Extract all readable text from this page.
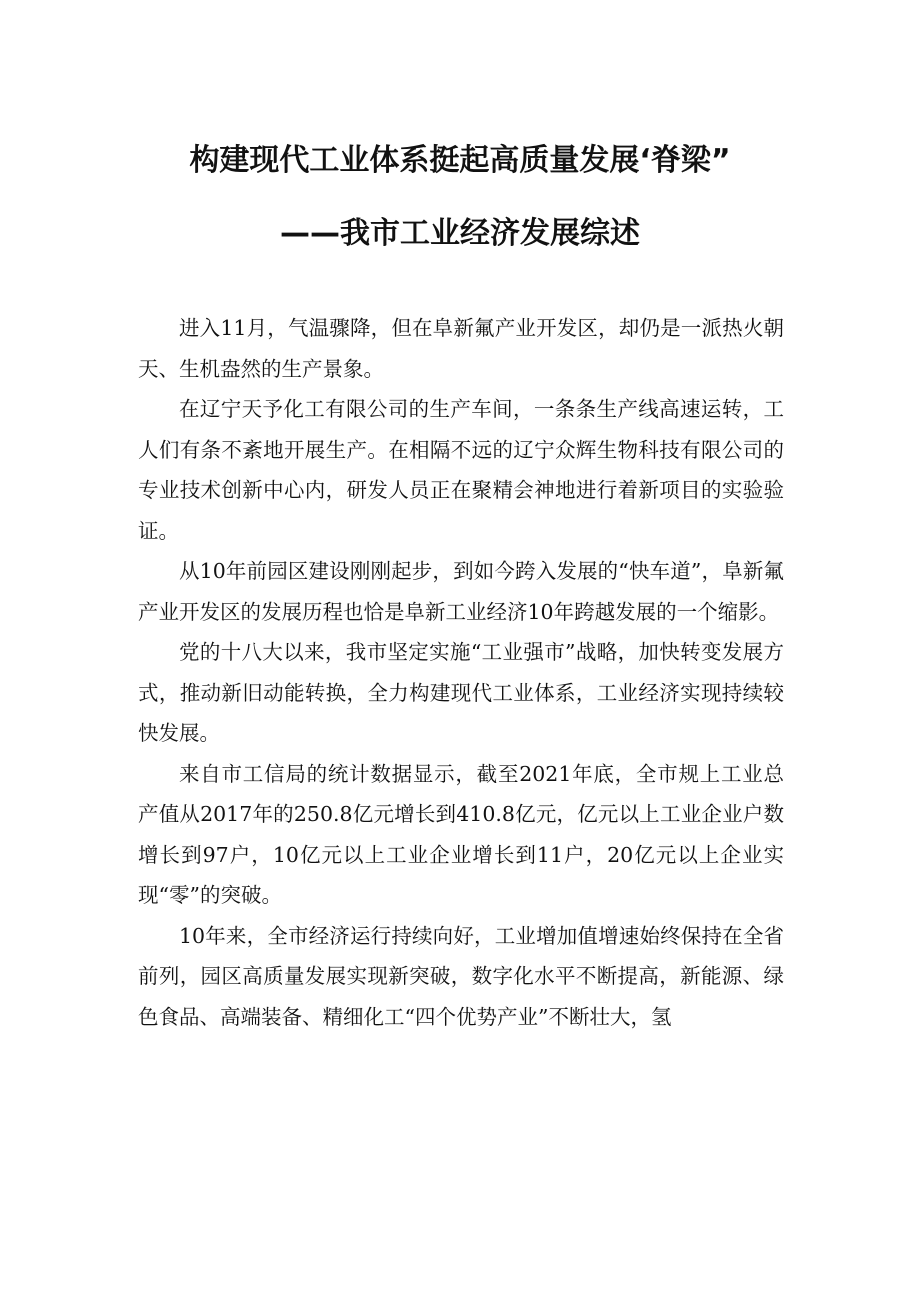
构建现代工业体系挺起高质量发展‘脊梁”
——我市工业经济发展综述

进入11月，气温骤降，但在阜新氟产业开发区，却仍是一派热火朝天、生机盎然的生产景象。

在辽宁天予化工有限公司的生产车间，一条条生产线高速运转，工人们有条不紊地开展生产。在相隔不远的辽宁众辉生物科技有限公司的专业技术创新中心内，研发人员正在聚精会神地进行着新项目的实验验证。

从10年前园区建设刚刚起步，到如今跨入发展的“快车道”，阜新氟产业开发区的发展历程也恰是阜新工业经济10年跨越发展的一个缩影。

党的十八大以来，我市坚定实施“工业强市”战略，加快转变发展方式，推动新旧动能转换，全力构建现代工业体系，工业经济实现持续较快发展。

来自市工信局的统计数据显示，截至2021年底，全市规上工业总产值从2017年的250.8亿元增长到410.8亿元，亿元以上工业企业户数增长到97户，10亿元以上工业企业增长到11户，20亿元以上企业实现“零”的突破。

10年来，全市经济运行持续向好，工业增加值增速始终保持在全省前列，园区高质量发展实现新突破，数字化水平不断提高，新能源、绿色食品、高端装备、精细化工“四个优势产业”不断壮大，氢
